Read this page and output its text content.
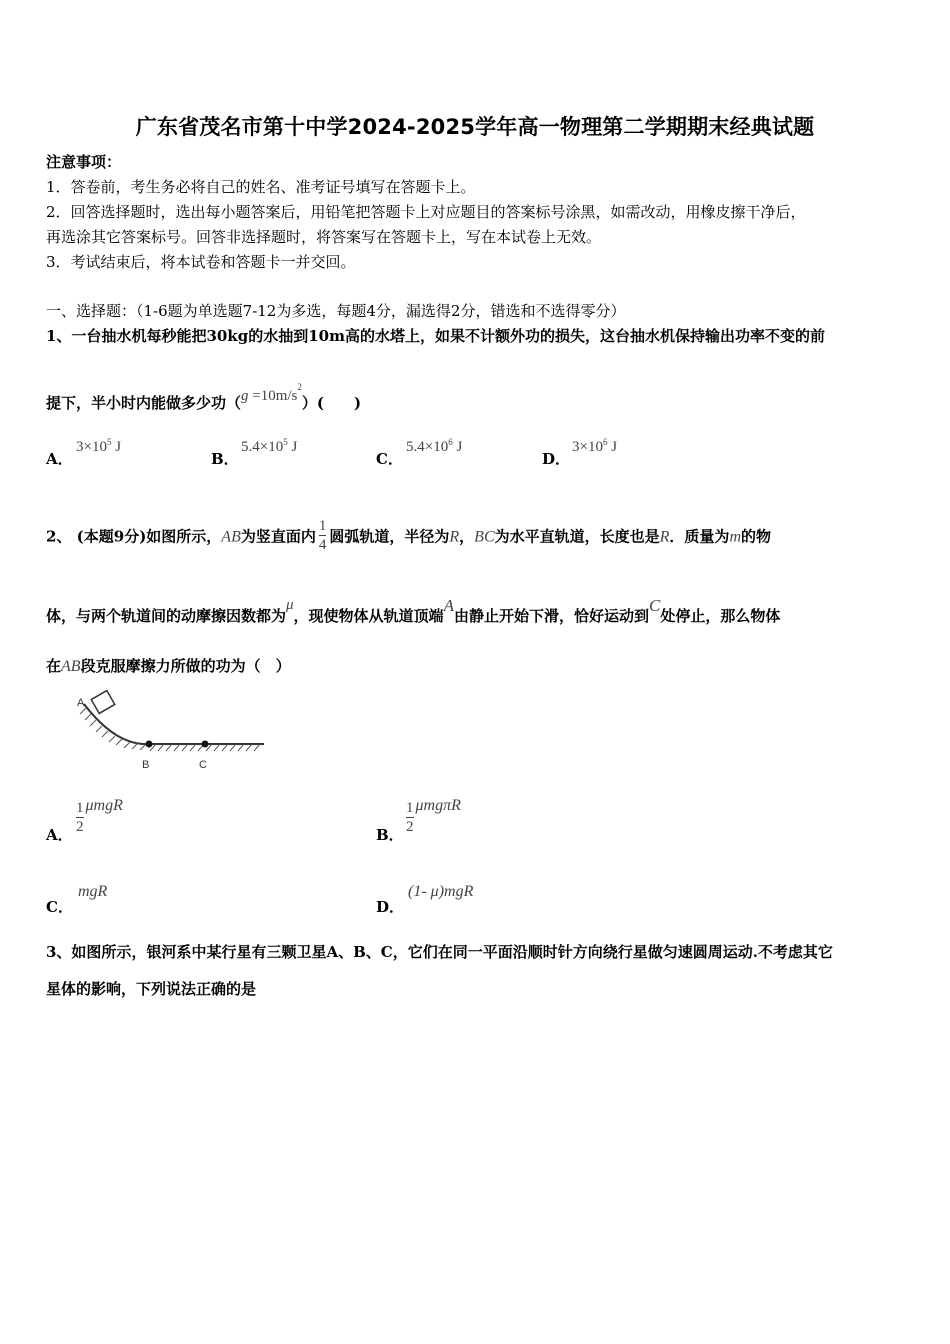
广东省茂名市第十中学2024-2025学年高一物理第二学期期末经典试题
注意事项：
1．答卷前，考生务必将自己的姓名、准考证号填写在答题卡上。
2．回答选择题时，选出每小题答案后，用铅笔把答题卡上对应题目的答案标号涂黑，如需改动，用橡皮擦干净后，
再选涂其它答案标号。回答非选择题时，将答案写在答题卡上，写在本试卷上无效。
3．考试结束后，将本试卷和答题卡一并交回。
一、选择题：（1-6题为单选题7-12为多选，每题4分，漏选得2分，错选和不选得零分）
1、一台抽水机每秒能把30kg的水抽到10m高的水塔上，如果不计额外功的损失，这台抽水机保持输出功率不变的前
提下，半小时内能做多少功$(g =10m/s^2)$(　　)
A．
$3\times 10^5$ J
B．
$5.4\times 10^5$ J
C．
$5.4\times 10^6$ J
D．
$3\times 10^6$ J
2、 (本题9分)如图所示，AB为竖直面内 $\frac{1}{4}$ 圆弧轨道，半径为R，BC为水平直轨道，长度也是R．质量为m的物
体，与两个轨道间的动摩擦因数都为μ，现使物体从轨道顶端A由静止开始下滑，恰好运动到C处停止，那么物体
在AB段克服摩擦力所做的功为（　）
A
B	C
A． $\frac{1}{2}$ μmgR
B． $\frac{1}{2}$ μmgπR
C．
mgR
D．
(1- μ)mgR
3、如图所示，银河系中某行星有三颗卫星A、B、C，它们在同一平面沿顺时针方向绕行星做匀速圆周运动.不考虑其它
星体的影响，下列说法正确的是
